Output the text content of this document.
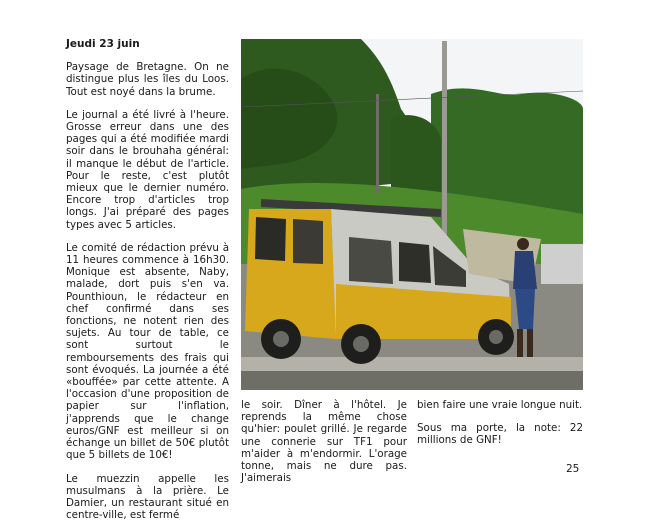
Jeudi 23 juin

Paysage de Bretagne. On ne distingue plus les îles du Loos. Tout est noyé dans la brume.

Le journal a été livré à l'heure. Grosse erreur dans une des pages qui a été modifiée mardi soir dans le brouhaha général: il manque le début de l'article. Pour le reste, c'est plutôt mieux que le dernier numéro. Encore trop d'articles trop longs. J'ai préparé des pages types avec 5 articles.

Le comité de rédaction prévu à 11 heures commence à 16h30. Monique est absente, Naby, malade, dort puis s'en va. Pounthioun, le rédacteur en chef confirmé dans ses fonctions, ne notent rien des sujets. Au tour de table, ce sont surtout le remboursements des frais qui sont évoqués. La journée a été «bouffée» par cette attente. A l'occasion d'une proposition de papier sur l'inflation, j'apprends que le change euros/GNF est meilleur si on échange un billet de 50€ plutôt que 5 billets de 10€!

Le muezzin appelle les musulmans à la prière. Le Damier, un restaurant situé en centre-ville, est fermé

le soir. Dîner à l'hôtel. Je reprends la même chose qu'hier: poulet grillé. Je regarde une connerie sur TF1 pour m'aider à m'endormir. L'orage tonne, mais ne dure pas. J'aimerais

bien faire une vraie longue nuit.

Sous ma porte, la note: 22 millions de GNF!

25
